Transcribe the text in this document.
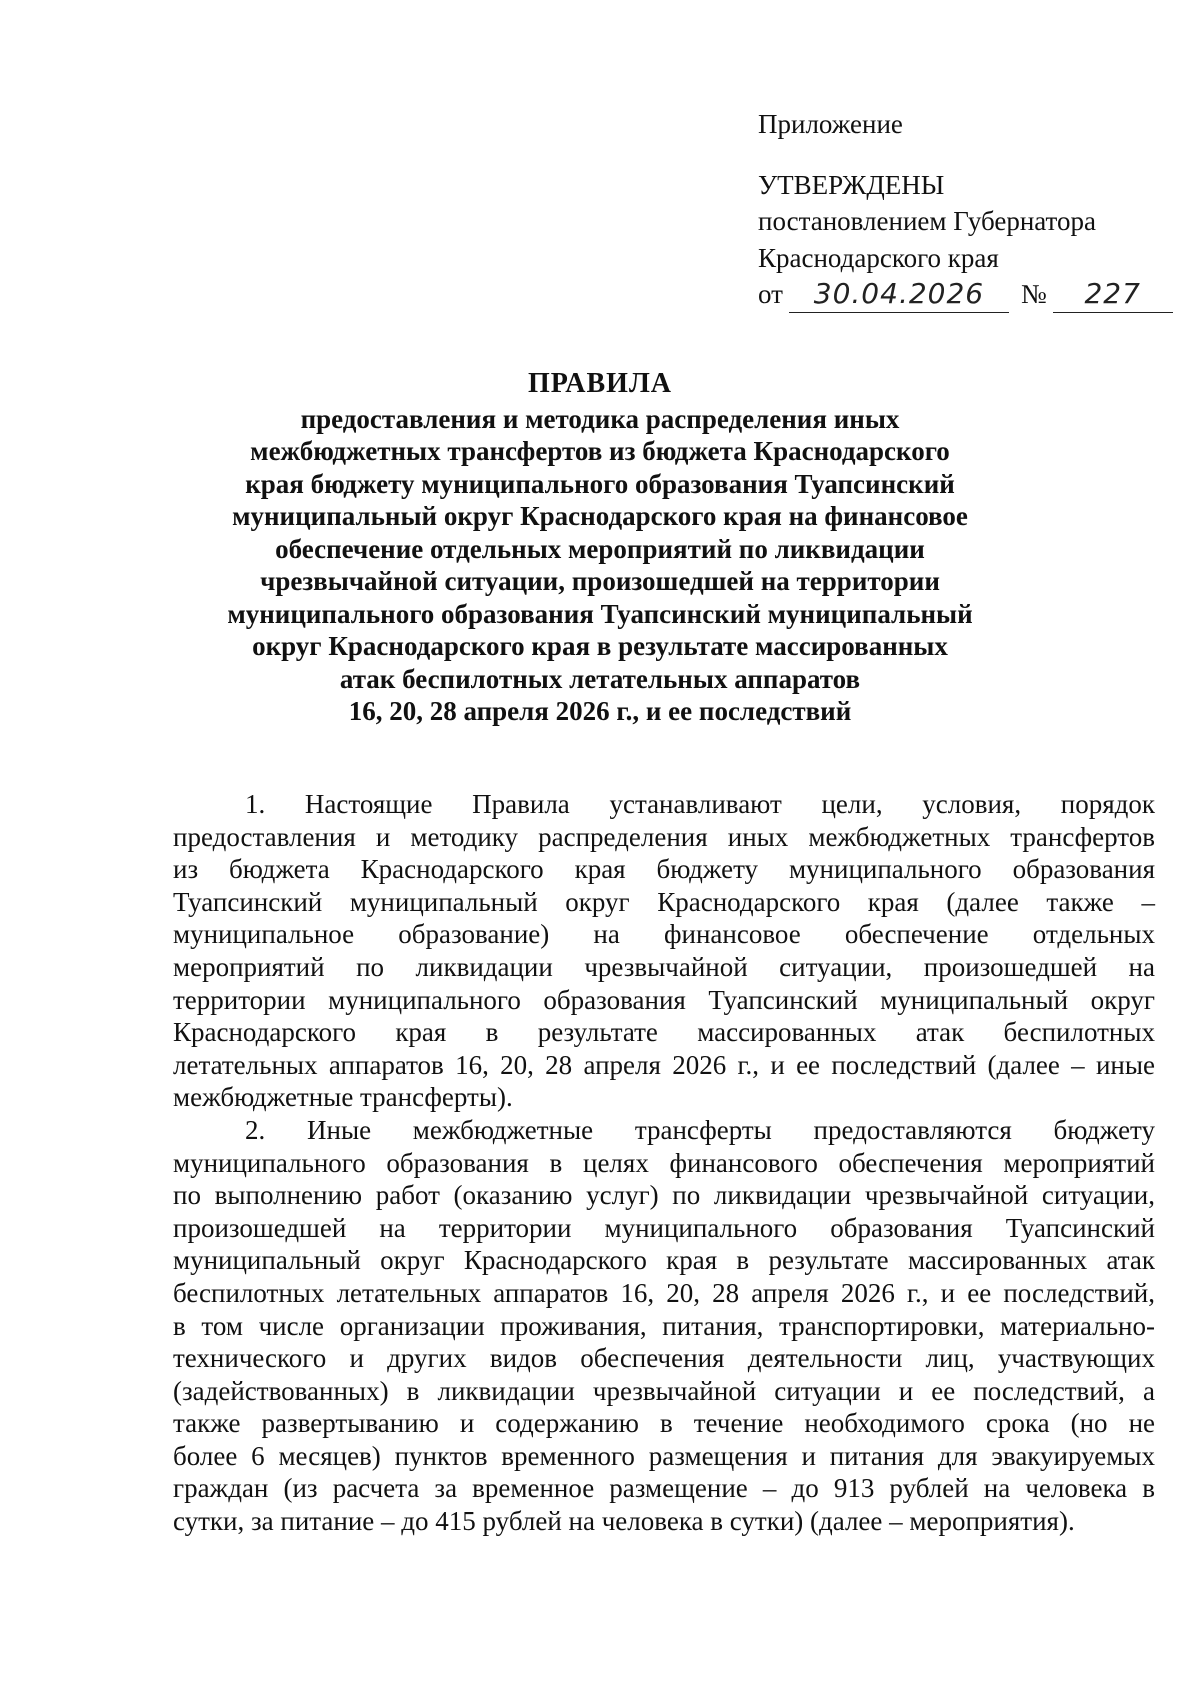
Приложение
УТВЕРЖДЕНЫ
постановлением Губернатора
Краснодарского края
от	30.04.2026	№	227
ПРАВИЛА
предоставления и методика распределения иных
межбюджетных трансфертов из бюджета Краснодарского
края бюджету муниципального образования Туапсинский
муниципальный округ Краснодарского края на финансовое
обеспечение отдельных мероприятий по ликвидации
чрезвычайной ситуации, произошедшей на территории
муниципального образования Туапсинский муниципальный
округ Краснодарского края в результате массированных
атак беспилотных летательных аппаратов
16, 20, 28 апреля 2026 г., и ее последствий
1. Настоящие Правила устанавливают цели, условия, порядок
предоставления и методику распределения иных межбюджетных трансфертов
из бюджета Краснодарского края бюджету муниципального образования
Туапсинский муниципальный округ Краснодарского края (далее также –
муниципальное образование) на финансовое обеспечение отдельных
мероприятий по ликвидации чрезвычайной ситуации, произошедшей на
территории муниципального образования Туапсинский муниципальный округ
Краснодарского края в результате массированных атак беспилотных
летательных аппаратов 16, 20, 28 апреля 2026 г., и ее последствий (далее – иные
межбюджетные трансферты).
2. Иные межбюджетные трансферты предоставляются бюджету
муниципального образования в целях финансового обеспечения мероприятий
по выполнению работ (оказанию услуг) по ликвидации чрезвычайной ситуации,
произошедшей на территории муниципального образования Туапсинский
муниципальный округ Краснодарского края в результате массированных атак
беспилотных летательных аппаратов 16, 20, 28 апреля 2026 г., и ее последствий,
в том числе организации проживания, питания, транспортировки, материально-
технического и других видов обеспечения деятельности лиц, участвующих
(задействованных) в ликвидации чрезвычайной ситуации и ее последствий, а
также развертыванию и содержанию в течение необходимого срока (но не
более 6 месяцев) пунктов временного размещения и питания для эвакуируемых
граждан (из расчета за временное размещение – до 913 рублей на человека в
сутки, за питание – до 415 рублей на человека в сутки) (далее – мероприятия).
